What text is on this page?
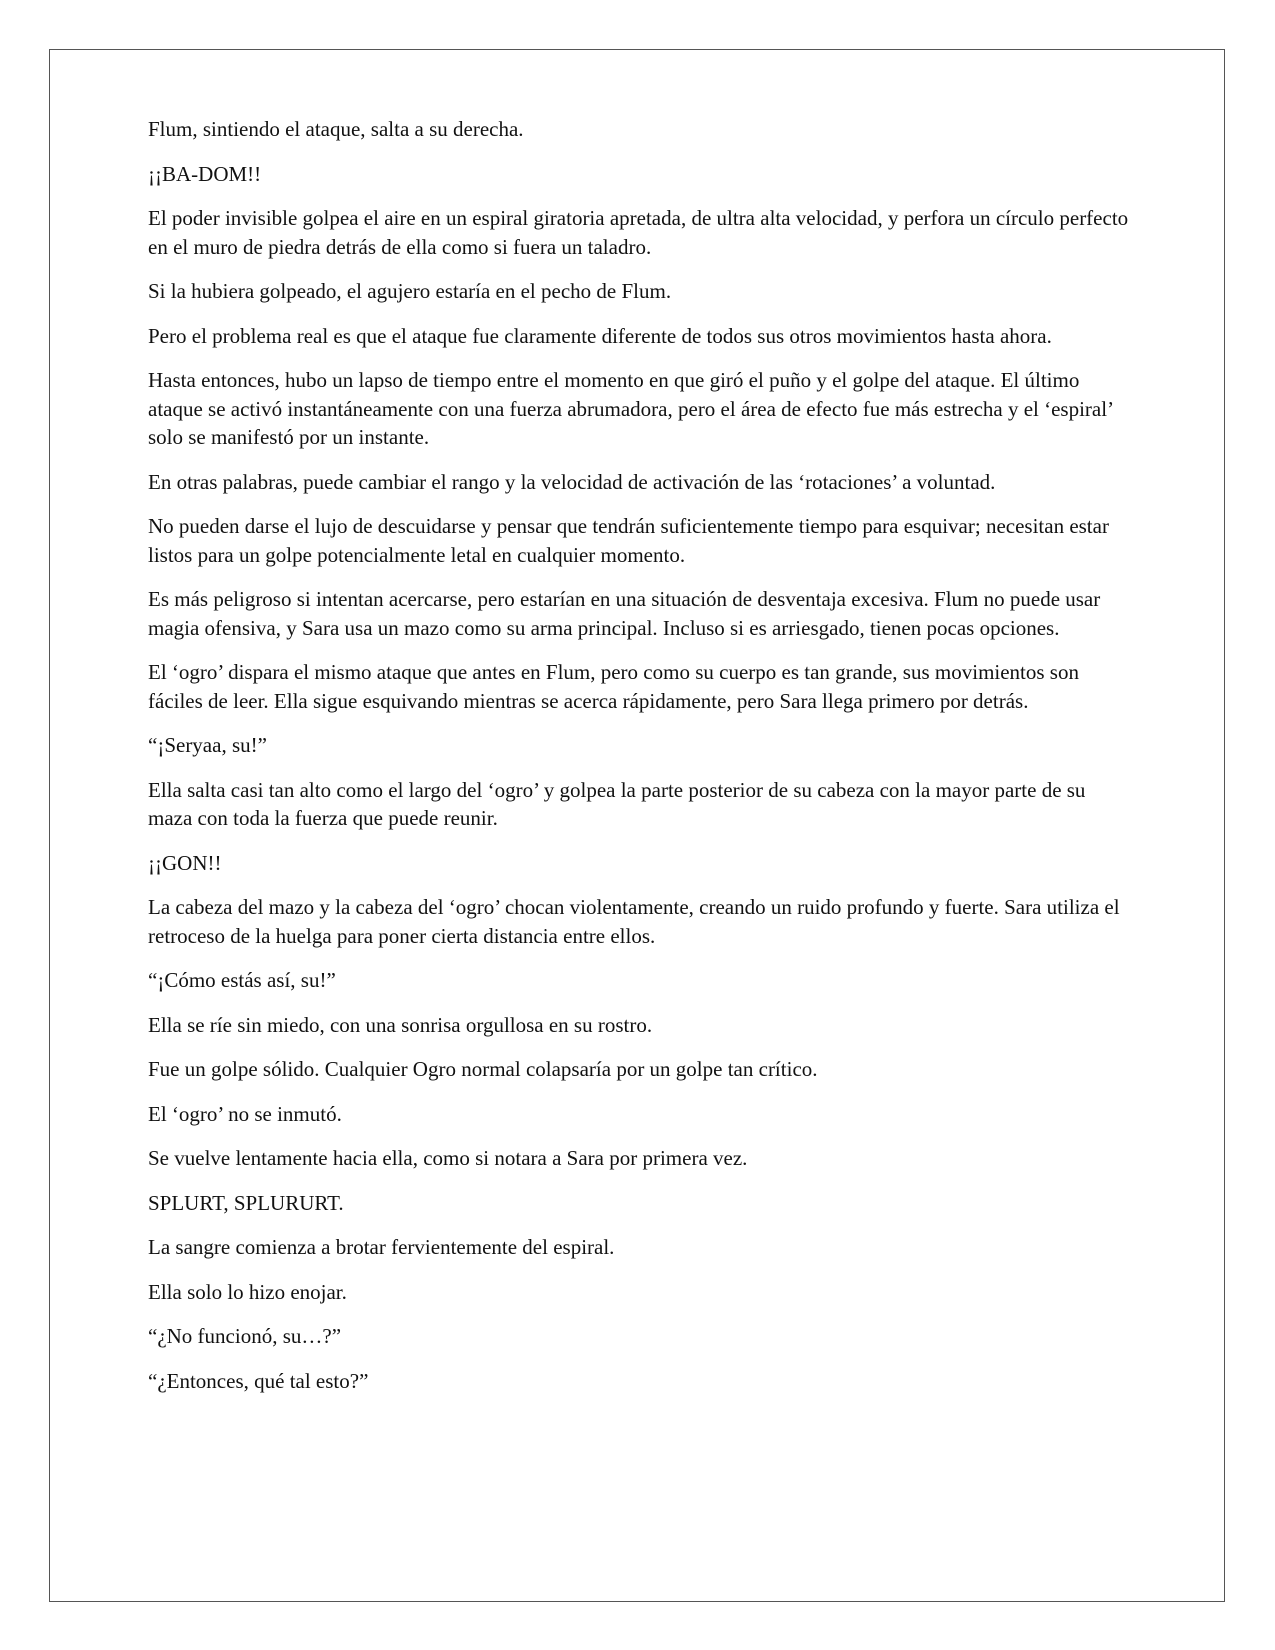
Flum, sintiendo el ataque, salta a su derecha.

¡¡BA-DOM!!

El poder invisible golpea el aire en un espiral giratoria apretada, de ultra alta velocidad, y perfora un círculo perfecto en el muro de piedra detrás de ella como si fuera un taladro.

Si la hubiera golpeado, el agujero estaría en el pecho de Flum.

Pero el problema real es que el ataque fue claramente diferente de todos sus otros movimientos hasta ahora.

Hasta entonces, hubo un lapso de tiempo entre el momento en que giró el puño y el golpe del ataque. El último ataque se activó instantáneamente con una fuerza abrumadora, pero el área de efecto fue más estrecha y el ‘espiral’ solo se manifestó por un instante.

En otras palabras, puede cambiar el rango y la velocidad de activación de las ‘rotaciones’ a voluntad.

No pueden darse el lujo de descuidarse y pensar que tendrán suficientemente tiempo para esquivar; necesitan estar listos para un golpe potencialmente letal en cualquier momento.

Es más peligroso si intentan acercarse, pero estarían en una situación de desventaja excesiva. Flum no puede usar magia ofensiva, y Sara usa un mazo como su arma principal. Incluso si es arriesgado, tienen pocas opciones.

El ‘ogro’ dispara el mismo ataque que antes en Flum, pero como su cuerpo es tan grande, sus movimientos son fáciles de leer. Ella sigue esquivando mientras se acerca rápidamente, pero Sara llega primero por detrás.

“¡Seryaa, su!”

Ella salta casi tan alto como el largo del ‘ogro’ y golpea la parte posterior de su cabeza con la mayor parte de su maza con toda la fuerza que puede reunir.

¡¡GON!!

La cabeza del mazo y la cabeza del ‘ogro’ chocan violentamente, creando un ruido profundo y fuerte. Sara utiliza el retroceso de la huelga para poner cierta distancia entre ellos.

“¡Cómo estás así, su!”

Ella se ríe sin miedo, con una sonrisa orgullosa en su rostro.

Fue un golpe sólido. Cualquier Ogro normal colapsaría por un golpe tan crítico.

El ‘ogro’ no se inmutó.

Se vuelve lentamente hacia ella, como si notara a Sara por primera vez.

SPLURT, SPLURURT.

La sangre comienza a brotar fervientemente del espiral.

Ella solo lo hizo enojar.

“¿No funcionó, su…?”

“¿Entonces, qué tal esto?”
